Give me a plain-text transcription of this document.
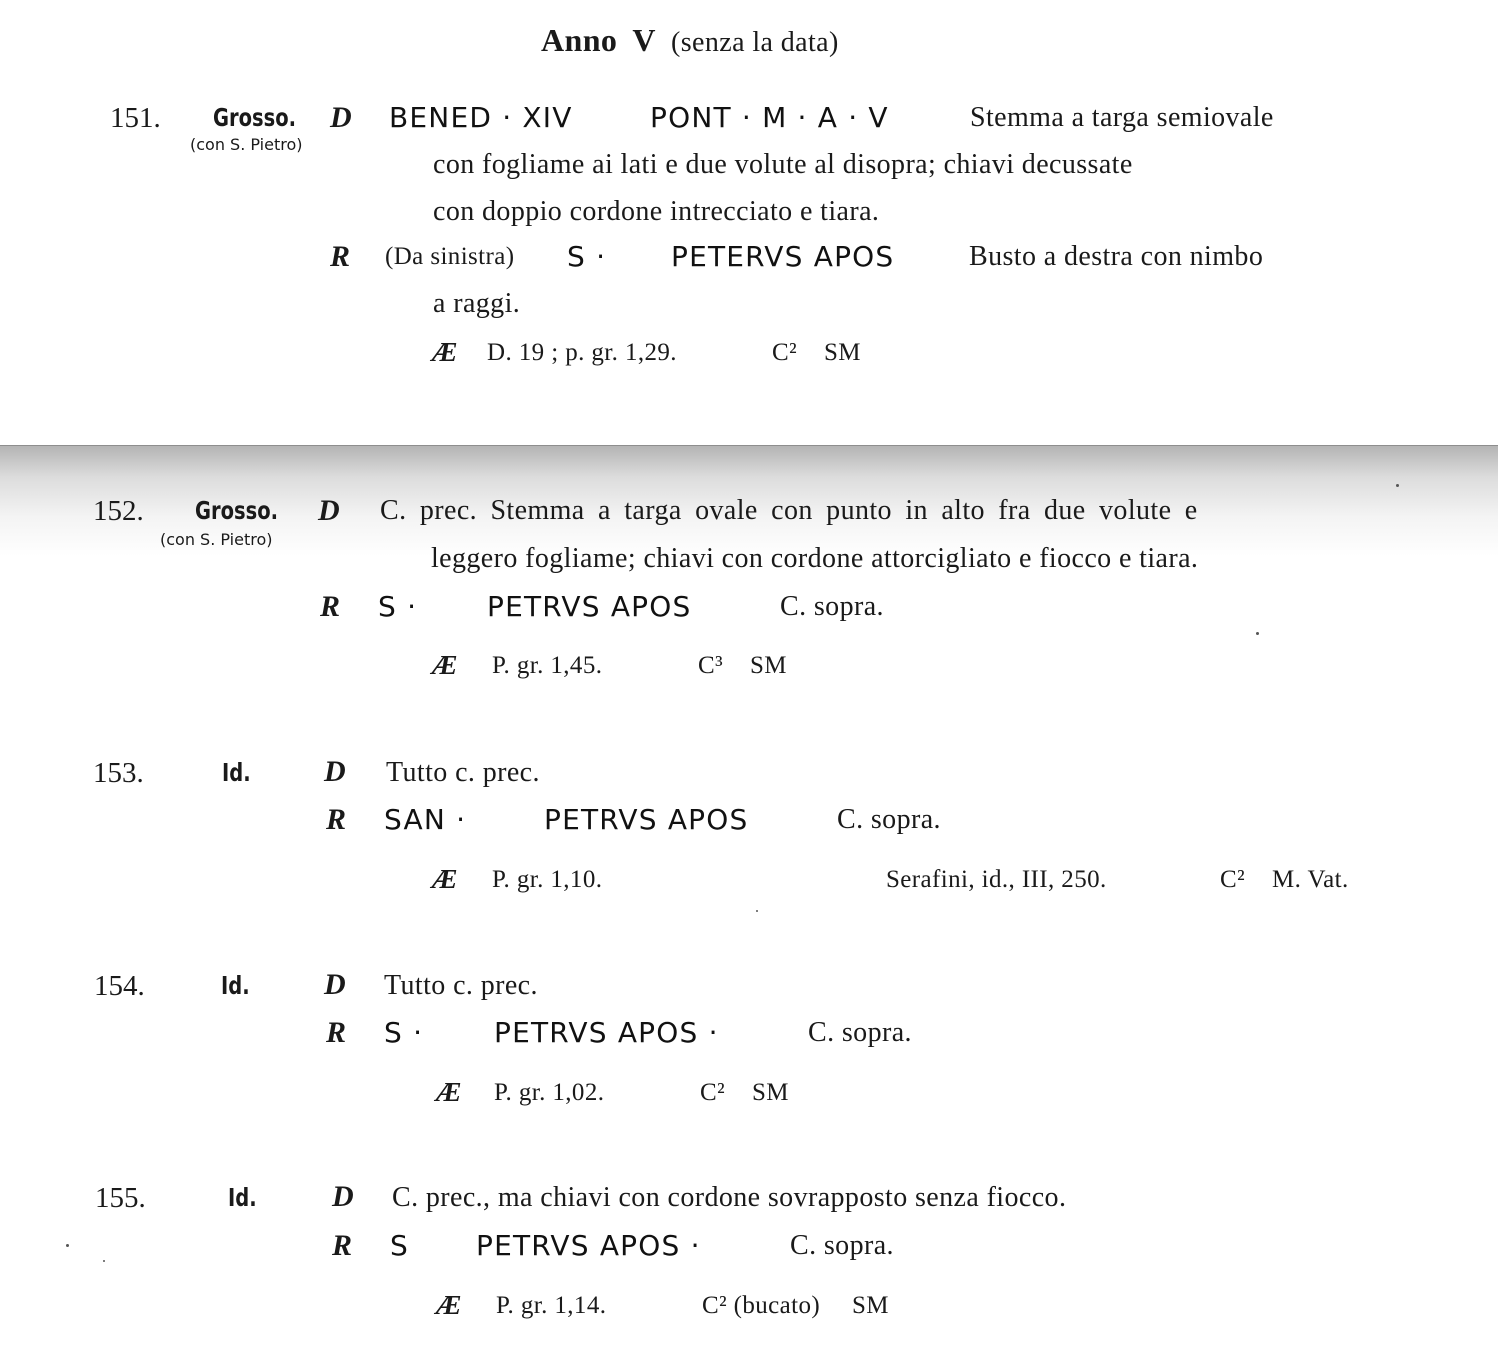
Anno V (senza la data)
151. Grosso.
(con S. Pietro)
D BENED · XIV	PONT · M · A · V	Stemma a targa semiovale
con fogliame ai lati e due volute al disopra; chiavi decussate
con doppio cordone intrecciato e tiara.
R (Da sinistra) S · PETERVS APOS	Busto a destra con nimbo
a raggi.
Æ D. 19 ; p. gr. 1,29.	C² SM
152. Grosso.
(con S. Pietro)
D C. prec. Stemma a targa ovale con punto in alto fra due volute e
leggero fogliame; chiavi con cordone attorcigliato e fiocco e tiara.
R S · PETRVS APOS	C. sopra.
Æ P. gr. 1,45.	C³ SM
153.	Id. D Tutto c. prec.
R SAN ·	PETRVS APOS	C. sopra.
Æ P. gr. 1,10.	Serafini, id., III, 250.	C² M. Vat.
154.	Id. D Tutto c. prec.
R S ·	PETRVS APOS ·	C. sopra.
Æ P. gr. 1,02.	C² SM
155.	Id.	D C. prec., ma chiavi con cordone sovrapposto senza fiocco.
R S PETRVS APOS ·	C. sopra.
Æ P. gr. 1,14.	C² (bucato) SM
